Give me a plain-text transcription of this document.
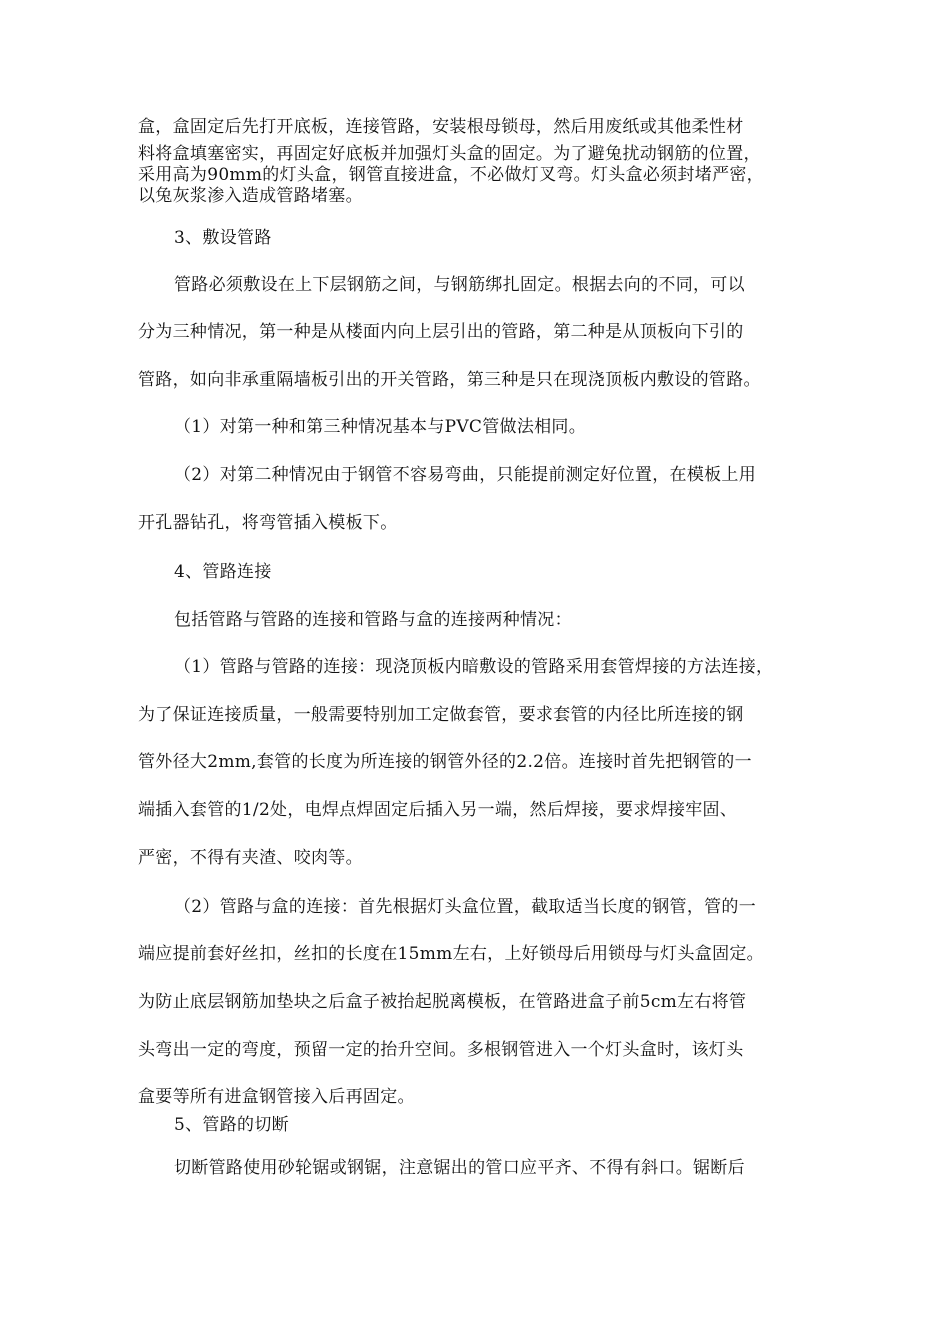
盒，盒固定后先打开底板，连接管路，安装根母锁母，然后用废纸或其他柔性材
料将盒填塞密实，再固定好底板并加强灯头盒的固定。为了避兔扰动钢筋的位置，
采用高为90mm的灯头盒，钢管直接进盒，不必做灯叉弯。灯头盒必须封堵严密，
以兔灰浆渗入造成管路堵塞。
3、敷设管路
管路必须敷设在上下层钢筋之间，与钢筋绑扎固定。根据去向的不同，可以
分为三种情况，第一种是从楼面内向上层引出的管路，第二种是从顶板向下引的
管路，如向非承重隔墙板引出的开关管路，第三种是只在现浇顶板内敷设的管路。
（1）对第一种和第三种情况基本与PVC管做法相同。
（2）对第二种情况由于钢管不容易弯曲，只能提前测定好位置，在模板上用
开孔器钻孔，将弯管插入模板下。
4、管路连接
包括管路与管路的连接和管路与盒的连接两种情况：
（1）管路与管路的连接：现浇顶板内暗敷设的管路采用套管焊接的方法连接，
为了保证连接质量，一般需要特别加工定做套管，要求套管的内径比所连接的钢
管外径大2mm,套管的长度为所连接的钢管外径的2.2倍。连接时首先把钢管的一
端插入套管的1/2处，电焊点焊固定后插入另一端，然后焊接，要求焊接牢固、
严密，不得有夹渣、咬肉等。
（2）管路与盒的连接：首先根据灯头盒位置，截取适当长度的钢管，管的一
端应提前套好丝扣，丝扣的长度在15mm左右，上好锁母后用锁母与灯头盒固定。
为防止底层钢筋加垫块之后盒子被抬起脱离模板，在管路进盒子前5cm左右将管
头弯出一定的弯度，预留一定的抬升空间。多根钢管进入一个灯头盒时，该灯头
盒要等所有进盒钢管接入后再固定。
5、管路的切断
切断管路使用砂轮锯或钢锯，注意锯出的管口应平齐、不得有斜口。锯断后
